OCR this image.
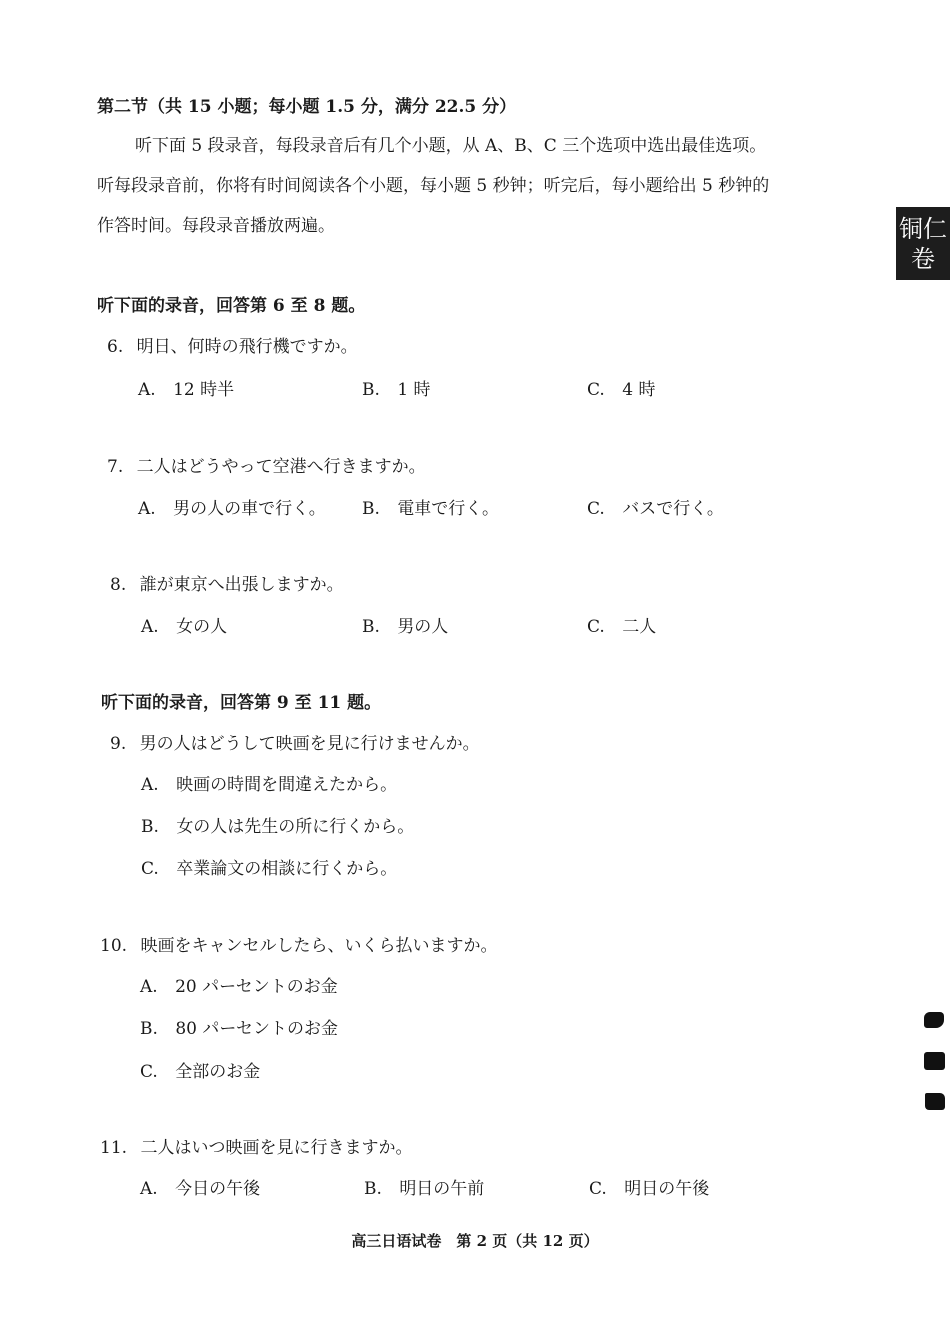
第二节（共 15 小题；每小题 1.5 分，满分 22.5 分）

听下面 5 段录音，每段录音后有几个小题，从 A、B、C 三个选项中选出最佳选项。

听每段录音前，你将有时间阅读各个小题，每小题 5 秒钟；听完后，每小题给出 5 秒钟的

作答时间。每段录音播放两遍。	铜仁
卷
听下面的录音，回答第 6 至 8 题。
6. 明日、何時の飛行機ですか。
A. 12 時半	B. 1 時	C. 4 時
7. 二人はどうやって空港へ行きますか。
A. 男の人の車で行く。 B. 電車で行く。	C. バスで行く。
8. 誰が東京へ出張しますか。
A. 女の人	B. 男の人	C. 二人
听下面的录音，回答第 9 至 11 题。
9. 男の人はどうして映画を見に行けませんか。
A. 映画の時間を間違えたから。
B. 女の人は先生の所に行くから。
C. 卒業論文の相談に行くから。
10. 映画をキャンセルしたら、いくら払いますか。
A. 20 パーセントのお金
B. 80 パーセントのお金
C. 全部のお金
11. 二人はいつ映画を見に行きますか。
A. 今日の午後	B. 明日の午前	C. 明日の午後
高三日语试卷　第 2 页（共 12 页）
